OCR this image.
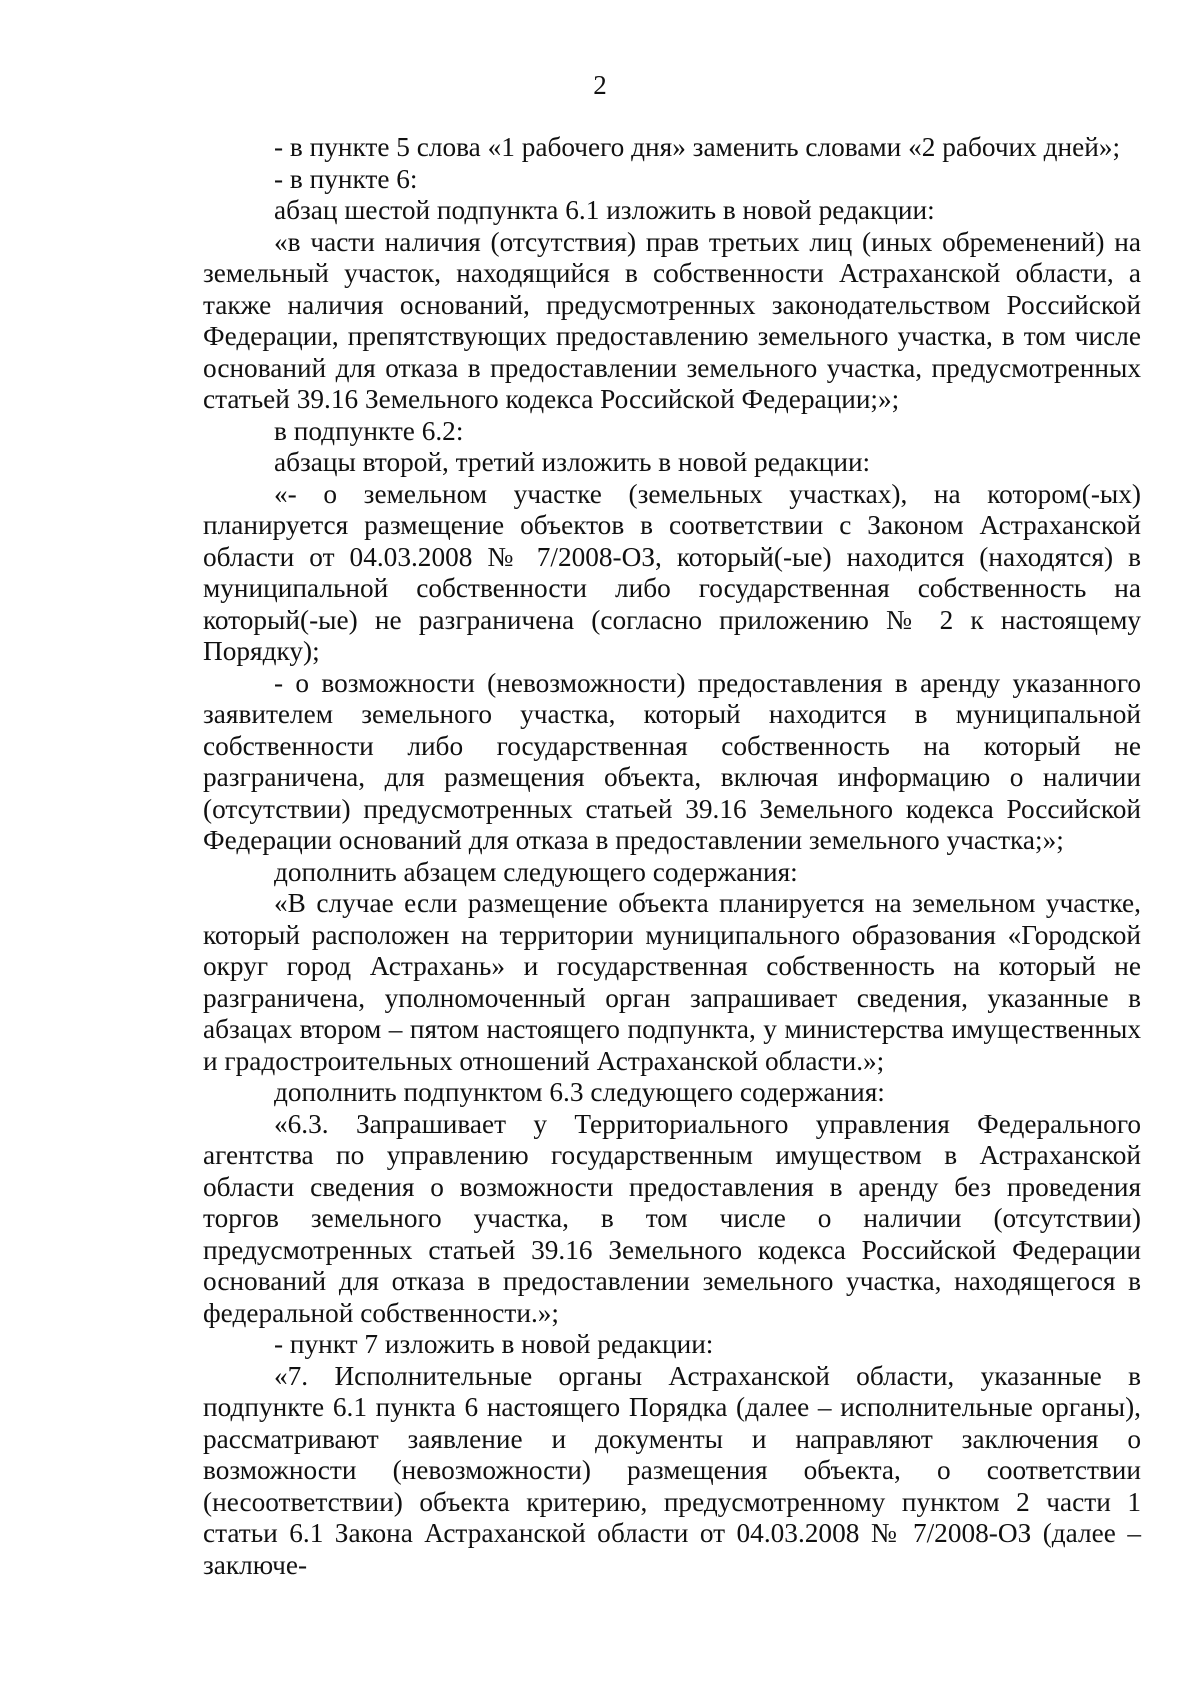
2

- в пункте 5 слова «1 рабочего дня» заменить словами «2 рабочих дней»;

- в пункте 6:

абзац шестой подпункта 6.1 изложить в новой редакции:

«в части наличия (отсутствия) прав третьих лиц (иных обременений) на земельный участок, находящийся в собственности Астраханской области, а также наличия оснований, предусмотренных законодательством Российской Федерации, препятствующих предоставлению земельного участка, в том числе оснований для отказа в предоставлении земельного участка, предусмотренных статьей 39.16 Земельного кодекса Российской Федерации;»;

в подпункте 6.2:

абзацы второй, третий изложить в новой редакции:

«- о земельном участке (земельных участках), на котором(-ых) планируется размещение объектов в соответствии с Законом Астраханской области от 04.03.2008 № 7/2008-ОЗ, который(-ые) находится (находятся) в муниципальной собственности либо государственная собственность на который(-ые) не разграничена (согласно приложению № 2 к настоящему Порядку);

- о возможности (невозможности) предоставления в аренду указанного заявителем земельного участка, который находится в муниципальной собственности либо государственная собственность на который не разграничена, для размещения объекта, включая информацию о наличии (отсутствии) предусмотренных статьей 39.16 Земельного кодекса Российской Федерации оснований для отказа в предоставлении земельного участка;»;

дополнить абзацем следующего содержания:

«В случае если размещение объекта планируется на земельном участке, который расположен на территории муниципального образования «Городской округ город Астрахань» и государственная собственность на который не разграничена, уполномоченный орган запрашивает сведения, указанные в абзацах втором – пятом настоящего подпункта, у министерства имущественных и градостроительных отношений Астраханской области.»;

дополнить подпунктом 6.3 следующего содержания:

«6.3. Запрашивает у Территориального управления Федерального агентства по управлению государственным имуществом в Астраханской области сведения о возможности предоставления в аренду без проведения торгов земельного участка, в том числе о наличии (отсутствии) предусмотренных статьей 39.16 Земельного кодекса Российской Федерации оснований для отказа в предоставлении земельного участка, находящегося в федеральной собственности.»;

- пункт 7 изложить в новой редакции:

«7. Исполнительные органы Астраханской области, указанные в подпункте 6.1 пункта 6 настоящего Порядка (далее – исполнительные органы), рассматривают заявление и документы и направляют заключения о возможности (невозможности) размещения объекта, о соответствии (несоответствии) объекта критерию, предусмотренному пунктом 2 части 1 статьи 6.1 Закона Астраханской области от 04.03.2008 № 7/2008-ОЗ (далее – заключе-
